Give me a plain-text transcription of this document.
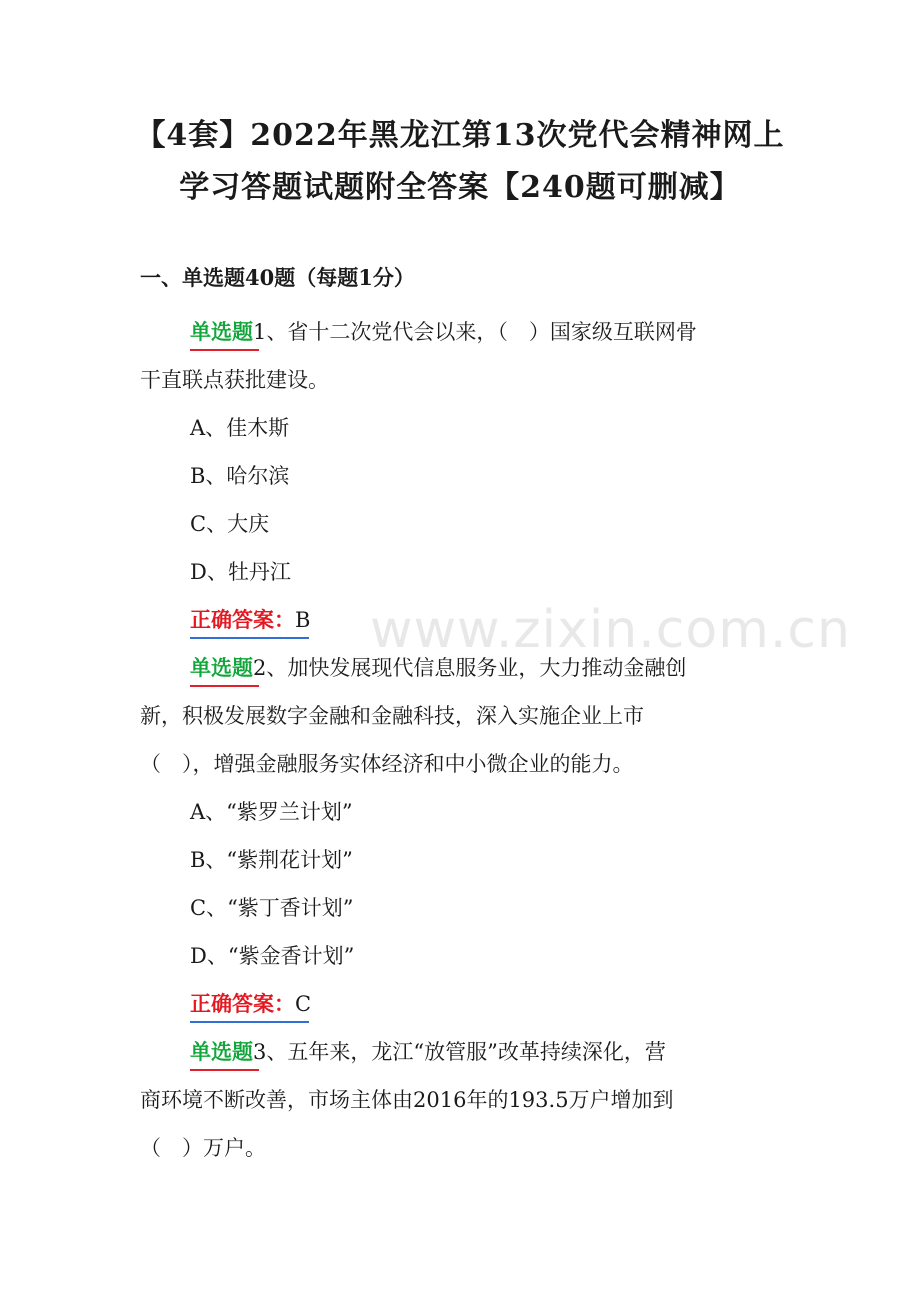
【4套】2022年黑龙江第13次党代会精神网上
学习答题试题附全答案【240题可删减】
一、单选题40题（每题1分）
单选题1、省十二次党代会以来，（　）国家级互联网骨
干直联点获批建设。
A、佳木斯
B、哈尔滨
C、大庆
D、牡丹江
正确答案：B
单选题2、加快发展现代信息服务业，大力推动金融创
新，积极发展数字金融和金融科技，深入实施企业上市
（　），增强金融服务实体经济和中小微企业的能力。
A、“紫罗兰计划”
B、“紫荆花计划”
C、“紫丁香计划”
D、“紫金香计划”
正确答案：C
单选题3、五年来，龙江“放管服”改革持续深化，营
商环境不断改善，市场主体由2016年的193.5万户增加到
（　）万户。
www.zixin.com.cn
